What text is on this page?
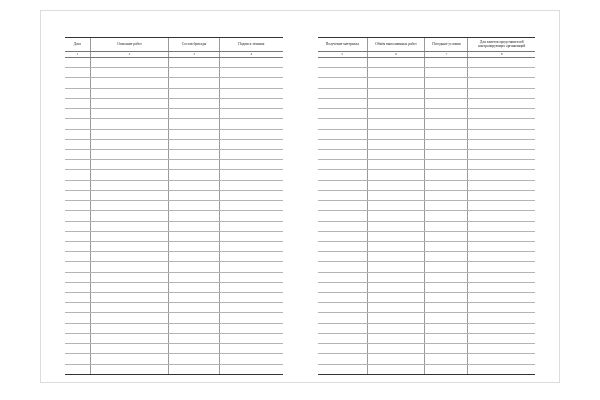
Дата	Описание работ	Состав бригады	Подпись техника
1	2	3	4

Получение материала	Объём выполненных работ	Погодные условия	Для заметок представителей контролирующих организаций
5	6	7	8
